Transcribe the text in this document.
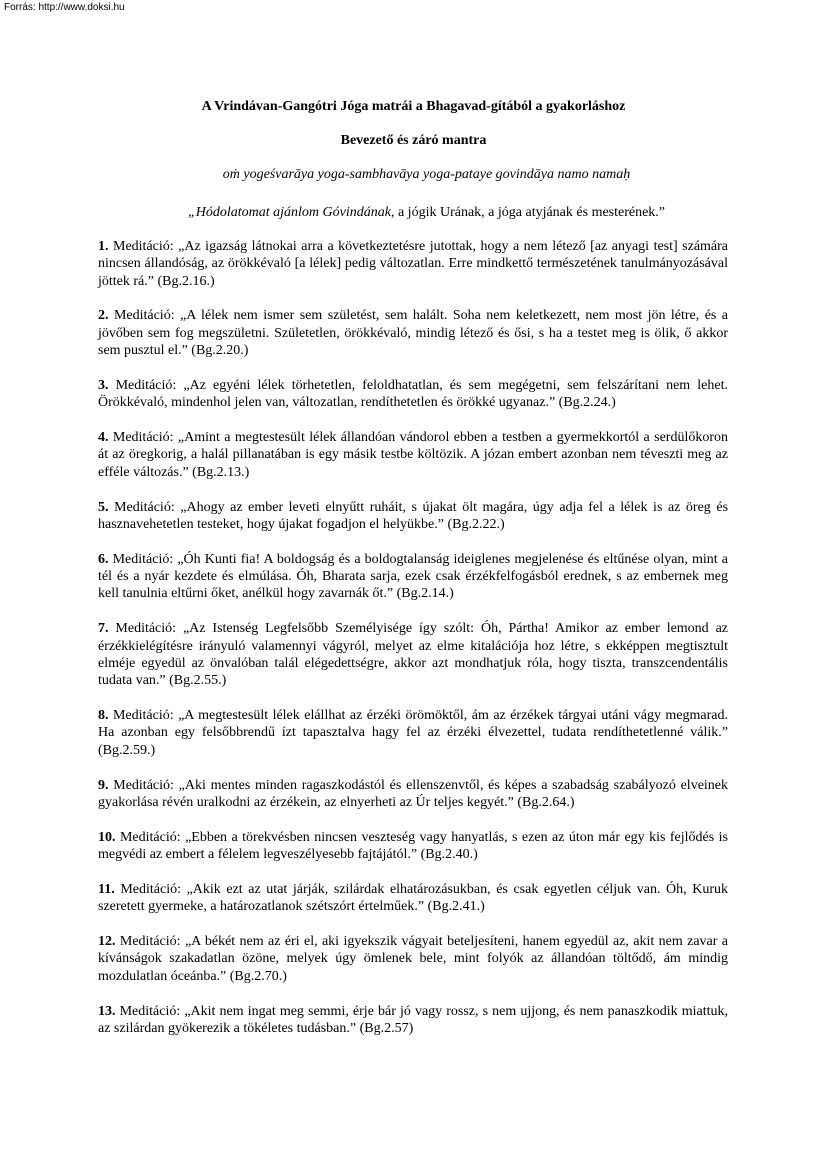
Forrás: http://www.doksi.hu
A Vrindávan-Gangótri Jóga matrái a Bhagavad-gítából a gyakorláshoz
Bevezető és záró mantra
oṁ yogeśvarāya yoga-sambhavāya yoga-pataye govindāya namo namaḥ
„Hódolatomat ajánlom Góvindának, a jógik Urának, a jóga atyjának és mesterének.”

1. Meditáció: „Az igazság látnokai arra a következtetésre jutottak, hogy a nem létező [az anyagi test] számára nincsen állandóság, az örökkévaló [a lélek] pedig változatlan. Erre mindkettő természetének tanulmányozásával jöttek rá.” (Bg.2.16.)

2. Meditáció: „A lélek nem ismer sem születést, sem halált. Soha nem keletkezett, nem most jön létre, és a jövőben sem fog megszületni. Születetlen, örökkévaló, mindig létező és ősi, s ha a testet meg is ölik, ő akkor sem pusztul el.” (Bg.2.20.)

3. Meditáció: „Az egyéni lélek törhetetlen, feloldhatatlan, és sem megégetni, sem felszárítani nem lehet. Örökkévaló, mindenhol jelen van, változatlan, rendíthetetlen és örökké ugyanaz.” (Bg.2.24.)

4. Meditáció: „Amint a megtestesült lélek állandóan vándorol ebben a testben a gyermekkortól a serdülőkoron át az öregkorig, a halál pillanatában is egy másik testbe költözik. A józan embert azonban nem téveszti meg az efféle változás.” (Bg.2.13.)

5. Meditáció: „Ahogy az ember leveti elnyűtt ruháit, s újakat ölt magára, úgy adja fel a lélek is az öreg és hasznavehetetlen testeket, hogy újakat fogadjon el helyükbe.” (Bg.2.22.)

6. Meditáció: „Óh Kunti fia! A boldogság és a boldogtalanság ideiglenes megjelenése és eltűnése olyan, mint a tél és a nyár kezdete és elmúlása. Óh, Bharata sarja, ezek csak érzékfelfogásból erednek, s az embernek meg kell tanulnia eltűrni őket, anélkül hogy zavarnák őt.” (Bg.2.14.)

7. Meditáció: „Az Istenség Legfelsőbb Személyisége így szólt: Óh, Pártha! Amikor az ember lemond az érzékkielégítésre irányuló valamennyi vágyról, melyet az elme kitalációja hoz létre, s ekképpen megtisztult elméje egyedül az önvalóban talál elégedettségre, akkor azt mondhatjuk róla, hogy tiszta, transzcendentális tudata van.” (Bg.2.55.)

8. Meditáció: „A megtestesült lélek elállhat az érzéki örömöktől, ám az érzékek tárgyai utáni vágy megmarad. Ha azonban egy felsőbbrendű ízt tapasztalva hagy fel az érzéki élvezettel, tudata rendíthetetlenné válik.” (Bg.2.59.)

9. Meditáció: „Aki mentes minden ragaszkodástól és ellenszenvtől, és képes a szabadság szabályozó elveinek gyakorlása révén uralkodni az érzékein, az elnyerheti az Úr teljes kegyét.” (Bg.2.64.)

10. Meditáció: „Ebben a törekvésben nincsen veszteség vagy hanyatlás, s ezen az úton már egy kis fejlődés is megvédi az embert a félelem legveszélyesebb fajtájától.” (Bg.2.40.)

11. Meditáció: „Akik ezt az utat járják, szilárdak elhatározásukban, és csak egyetlen céljuk van. Óh, Kuruk szeretett gyermeke, a határozatlanok szétszórt értelműek.” (Bg.2.41.)

12. Meditáció: „A békét nem az éri el, aki igyekszik vágyait beteljesíteni, hanem egyedül az, akit nem zavar a kívánságok szakadatlan özöne, melyek úgy ömlenek bele, mint folyók az állandóan töltődő, ám mindig mozdulatlan óceánba.” (Bg.2.70.)

13. Meditáció: „Akit nem ingat meg semmi, érje bár jó vagy rossz, s nem ujjong, és nem panaszkodik miattuk, az szilárdan gyökerezik a tökéletes tudásban.” (Bg.2.57)
